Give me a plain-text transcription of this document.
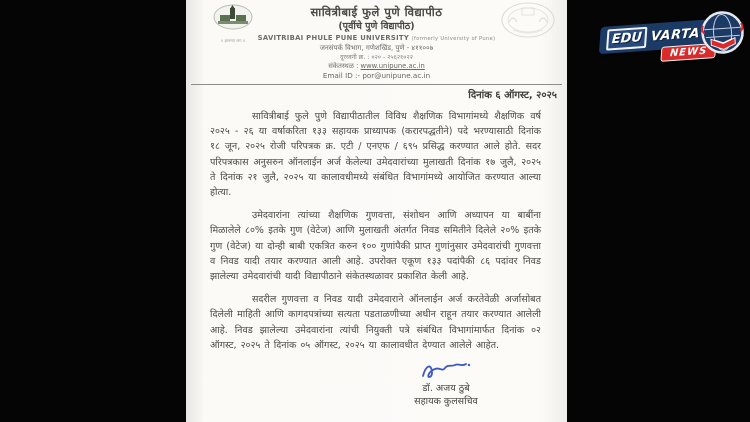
॥ ज्ञानमय जग ॥
सावित्रीबाई फुले पुणे विद्यापीठ
(पूर्वीचे पुणे विद्यापीठ)
SAVITRIBAI PHULE PUNE UNIVERSITY (formerly University of Pune)
जनसंपर्क विभाग, गणेशखिंड, पुणे - ४११००७
दूरध्वनी क्र. : ०२० - २५६२१०२२
संकेतस्थळ : www.unipune.ac.in
Email ID :- por@unipune.ac.in
दिनांक ६ ऑगस्ट, २०२५

सावित्रीबाई फुले पुणे विद्यापीठातील विविध शैक्षणिक विभागांमध्ये शैक्षणिक वर्ष २०२५ - २६ या वर्षाकरिता १३३ सहायक प्राध्यापक (करारपद्धतीने) पदे भरण्यासाठी दिनांक १८ जून, २०२५ रोजी परिपत्रक क्र. एटी / एनएफ / ६९५ प्रसिद्ध करण्यात आले होते. सदर परिपत्रकास अनुसरुन ऑनलाईन अर्ज केलेल्या उमेदवारांच्या मुलाखती दिनांक १७ जुलै, २०२५ ते दिनांक २१ जुलै, २०२५ या कालावधीमध्ये संबंधित विभागांमध्ये आयोजित करण्यात आल्या होत्या.

उमेदवारांना त्यांच्या शैक्षणिक गुणवत्ता, संशोधन आणि अध्यापन या बाबींना मिळालेले ८०% इतके गुण (वेटेज) आणि मुलाखती अंतर्गत निवड समितीने दिलेले २०% इतके गुण (वेटेज) या दोन्ही बाबी एकत्रित करुन १०० गुणांपैकी प्राप्त गुणांनुसार उमेदवारांची गुणवत्ता व निवड यादी तयार करण्यात आली आहे. उपरोक्त एकूण १३३ पदांपैकी ८६ पदांवर निवड झालेल्या उमेदवारांची यादी विद्यापीठाने संकेतस्थळावर प्रकाशित केली आहे.

सदरील गुणवत्ता व निवड यादी उमेदवाराने ऑनलाईन अर्ज करतेवेळी अर्जासोबत दिलेली माहिती आणि कागदपत्रांच्या सत्यता पडताळणीच्या अधीन राहून तयार करण्यात आलेली आहे. निवड झालेल्या उमेदवारांना त्यांची नियुक्ती पत्रे संबंधित विभागांमार्फत दिनांक ०२ ऑगस्ट, २०२५ ते दिनांक ०५ ऑगस्ट, २०२५ या कालावधीत देण्यात आलेले आहेत.

डॉ. अजय ठुबे
सहायक कुलसचिव
EDU VARTA
NEWS
